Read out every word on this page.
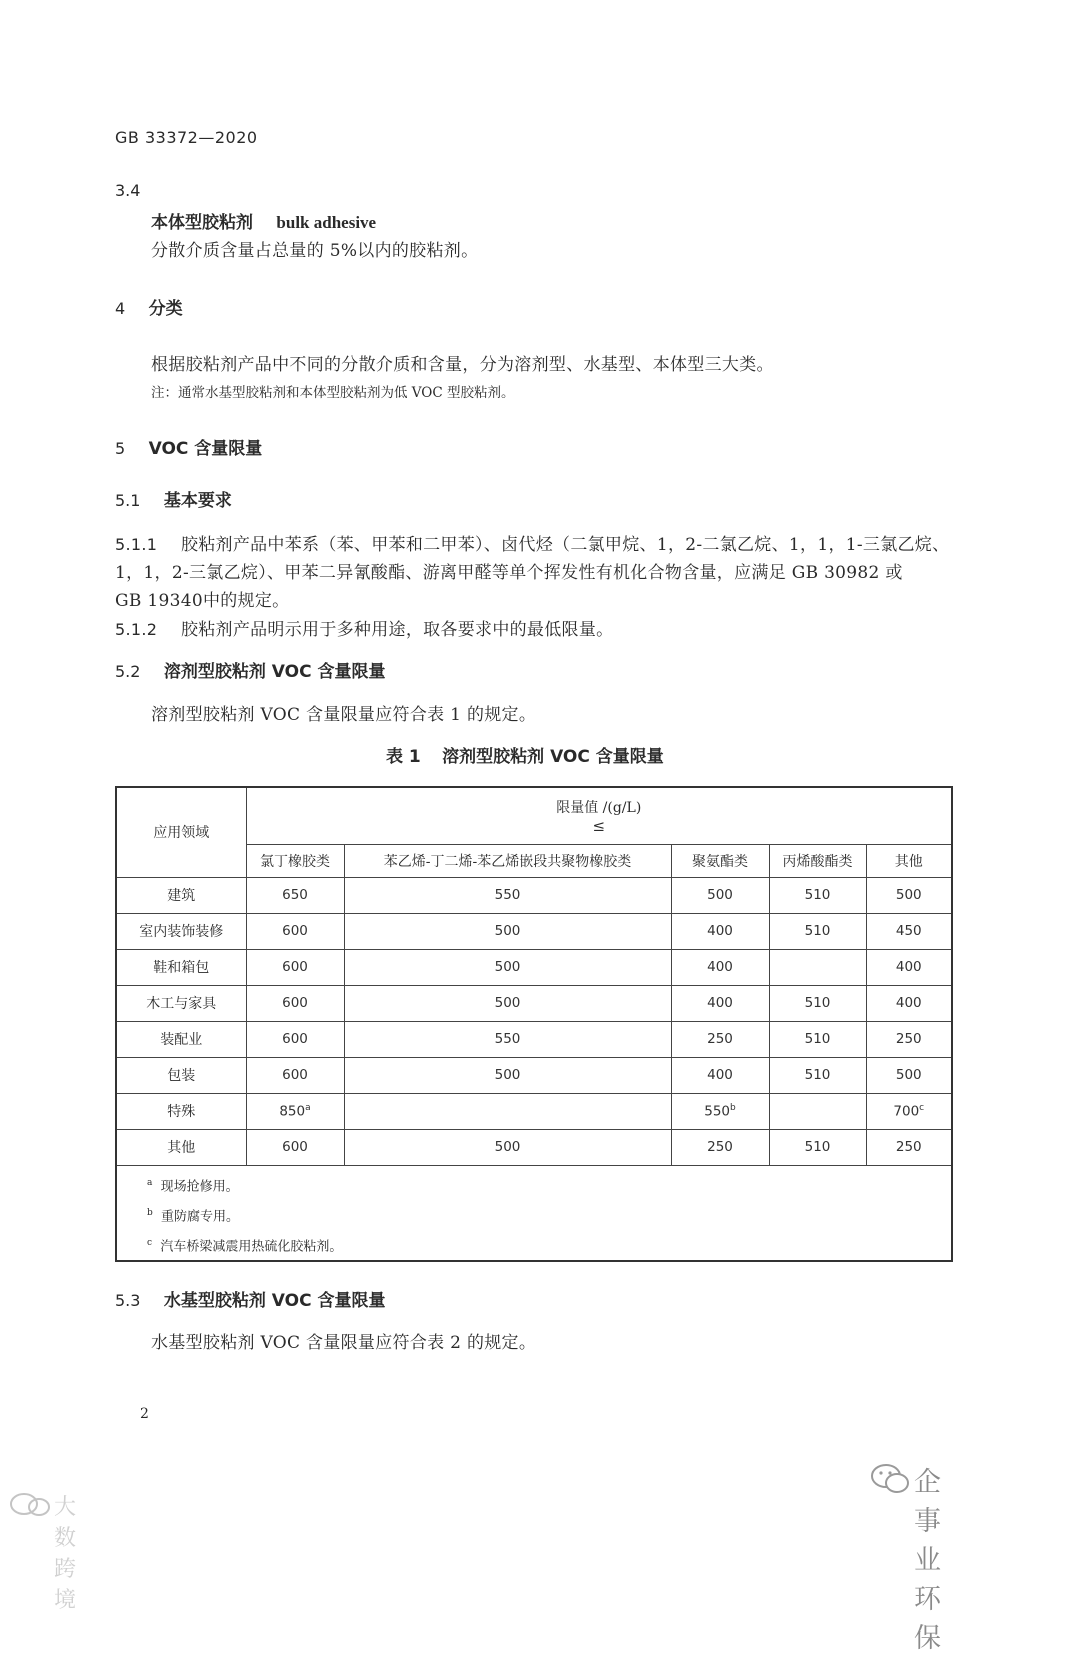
GB 33372—2020
3.4
本体型胶粘剂 bulk adhesive
分散介质含量占总量的 5%以内的胶粘剂。
4 分类
根据胶粘剂产品中不同的分散介质和含量，分为溶剂型、水基型、本体型三大类。
注：通常水基型胶粘剂和本体型胶粘剂为低 VOC 型胶粘剂。
5 VOC 含量限量
5.1 基本要求
5.1.1 胶粘剂产品中苯系（苯、甲苯和二甲苯）、卤代烃（二氯甲烷、1，2-二氯乙烷、1，1，1-三氯乙烷、
1，1，2-三氯乙烷）、甲苯二异氰酸酯、游离甲醛等单个挥发性有机化合物含量，应满足 GB 30982 或
GB 19340中的规定。
5.1.2 胶粘剂产品明示用于多种用途，取各要求中的最低限量。
5.2 溶剂型胶粘剂 VOC 含量限量
溶剂型胶粘剂 VOC 含量限量应符合表 1 的规定。
表 1 溶剂型胶粘剂 VOC 含量限量
应用领域	限量值 /(g/L)
≤				

	氯丁橡胶类	苯乙烯-丁二烯-苯乙烯嵌段共聚物橡胶类	聚氨酯类	丙烯酸酯类	其他
建筑	650	550	500	510	500
室内装饰装修	600	500	400	510	450
鞋和箱包	600	500	400		400
木工与家具	600	500	400	510	400
装配业	600	550	250	510	250
包装	600	500	400	510	500
特殊	850$^a$		550$^b$		700$^c$
其他	600	500	250	510	250

$^a$ 现场抢修用。
$^b$ 重防腐专用。
$^c$ 汽车桥梁减震用热硫化胶粘剂。					
5.3 水基型胶粘剂 VOC 含量限量
水基型胶粘剂 VOC 含量限量应符合表 2 的规定。
2
大数跨境
企事业环保
